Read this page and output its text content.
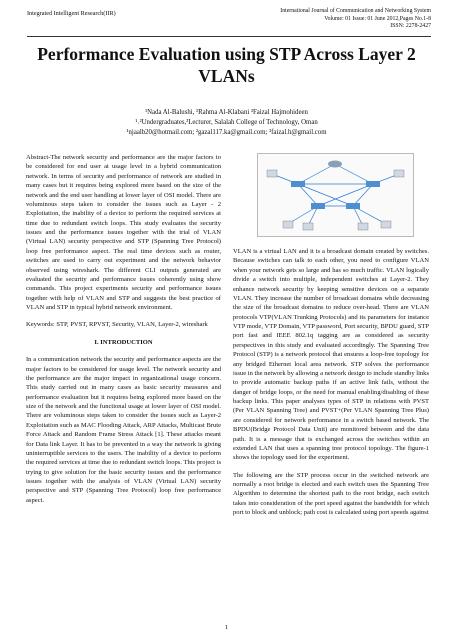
Integrated Intelligent Research(IIR)	International Journal of Communication and Networking System
Volume: 01 Issue: 01 June 2012,Pages No.1-8
ISSN: 2278-2427
Performance Evaluation using STP Across Layer 2
VLANs
¹Nada Al-Balushi, ²Rahma Al-Klabani ³Faizal Hajmohideen
¹˒²Undergraduates,³Lecturer, Salalah College of Technology, Oman
¹njaalb20@hotmail.com; ²gazal117.ka@gmail.com; ³faizal.h@gmail.com

Abstract-The network security and performance are the major factors to be considered for end user at usage level in a hybrid communication network. In terms of security and performance of network are studied in many cases but it requires being explored more based on the size of the network and the end user handling at lower layer of OSI model. There are voluminous steps taken to consider the issues such as Layer - 2 Exploitation, the inability of a device to perform the required services at time due to redundant switch loops. This study evaluates the security issues and the performance issues together with the trial of VLAN (Virtual LAN) security perspective and STP (Spanning Tree Protocol) loop free performance aspect. The real time devices such as router, switches are used to carry out experiment and the network behavior observed using wireshark. The different CLI outputs generated are evaluated the security and performance issues coherently using show commands. This project experiments security and performance issues together with help of VLAN and STP and suggests the best practice of VLAN and STP in typical hybrid network environment.

Keywords: STP, PVST, RPVST, Security, VLAN, Layer-2, wireshark

I. INTRODUCTION

In a communication network the security and performance aspects are the major factors to be considered for usage level. The network security and the performance are the major impact in organizational usage concern. This study carried out in many cases as basic security measures and performance evaluation but it requires being explored more based on the size of the network and the functional usage at lower layer of OSI model. There are voluminous steps taken to consider the issues such as Layer-2 Exploitation such as MAC Flooding Attack, ARP Attacks, Multicast Brute Force Attack and Random Frame Stress Attack [1]. These attacks meant for Data link Layer. It has to be prevented in a way the network is giving uninterruptible services to the users. The inability of a device to perform the required services at time due to redundant switch loops. This project is trying to give solution for the basic security issues and the performance issues together with the analysis of VLAN (Virtual LAN) security perspective and STP (Spanning Tree Protocol) loop free performance aspect.

VLAN is a virtual LAN and it is a broadcast domain created by switches. Because switches can talk to each other, you need to configure VLAN when your network gets so large and has so much traffic. VLAN logically divide a switch into multiple, independent switches at Layer-2. They enhance network security by keeping sensitive devices on a separate VLAN. They increase the number of broadcast domains while decreasing the size of the broadcast domains to reduce over-head. There are VLAN protocols VTP(VLAN Trunking Protocols) and its parameters for instance VTP mode, VTP Domain, VTP password, Port security, BPDU guard, STP port fast and IEEE 802.1q tagging are as considered as security perspectives in this study and evaluated accordingly. The Spanning Tree Protocol (STP) is a network protocol that ensures a loop-free topology for any bridged Ethernet local area network. STP solves the performance issue in the network by allowing a network design to include standby links to provide automatic backup paths if an active link fails, without the danger of bridge loops, or the need for manual enabling/disabling of these backup links. This paper analyses types of STP in relations with PVST (Per VLAN Spanning Tree) and PVST+(Per VLAN Spanning Tree Plus) are considered for network performance in a switch based network. The BPDU(Bridge Protocol Data Unit) are monitored between and the data path. It is a message that is exchanged across the switches within an extended LAN that uses a spanning tree protocol topology. The figure-1 shows the topology used for the experiment.

The following are the STP process occur in the switched network are normally a root bridge is elected and each switch uses the Spanning Tree Algorithm to determine the shortest path to the root bridge, each switch takes into consideration of the port speed against the bandwidth for which port to block and unblock; path cost is calculated using port speeds against

1
